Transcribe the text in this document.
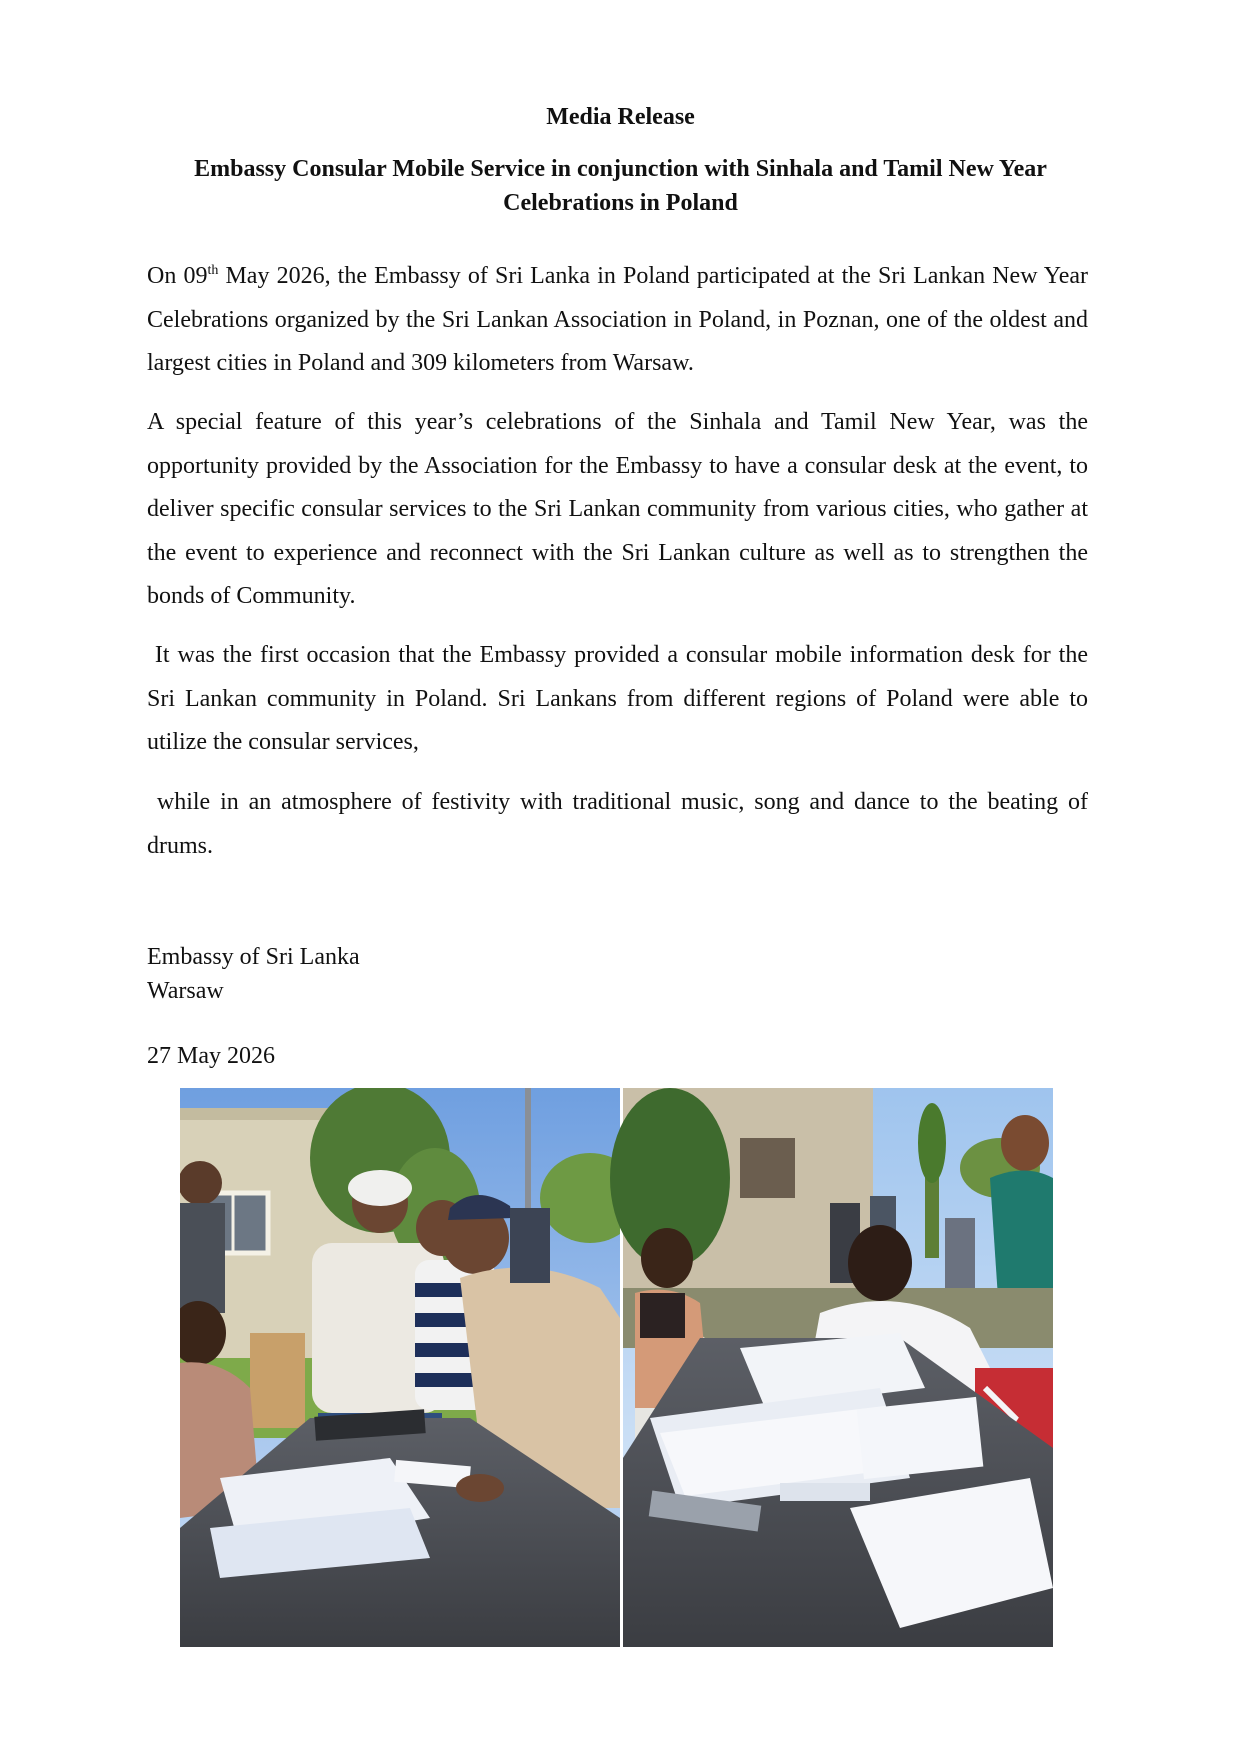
Media Release
Embassy Consular Mobile Service in conjunction with Sinhala and Tamil New Year Celebrations in Poland
On 09th May 2026, the Embassy of Sri Lanka in Poland participated at the Sri Lankan New Year Celebrations organized by the Sri Lankan Association in Poland, in Poznan, one of the oldest and largest cities in Poland and 309 kilometers from Warsaw.
A special feature of this year’s celebrations of the Sinhala and Tamil New Year, was the opportunity provided by the Association for the Embassy to have a consular desk at the event, to deliver specific consular services to the Sri Lankan community from various cities, who gather at the event to experience and reconnect with the Sri Lankan culture as well as to strengthen the bonds of Community.
It was the first occasion that the Embassy provided a consular mobile information desk for the Sri Lankan community in Poland. Sri Lankans from different regions of Poland were able to utilize the consular services,
while in an atmosphere of festivity with traditional music, song and dance to the beating of drums.
Embassy of Sri Lanka
Warsaw
27 May 2026
